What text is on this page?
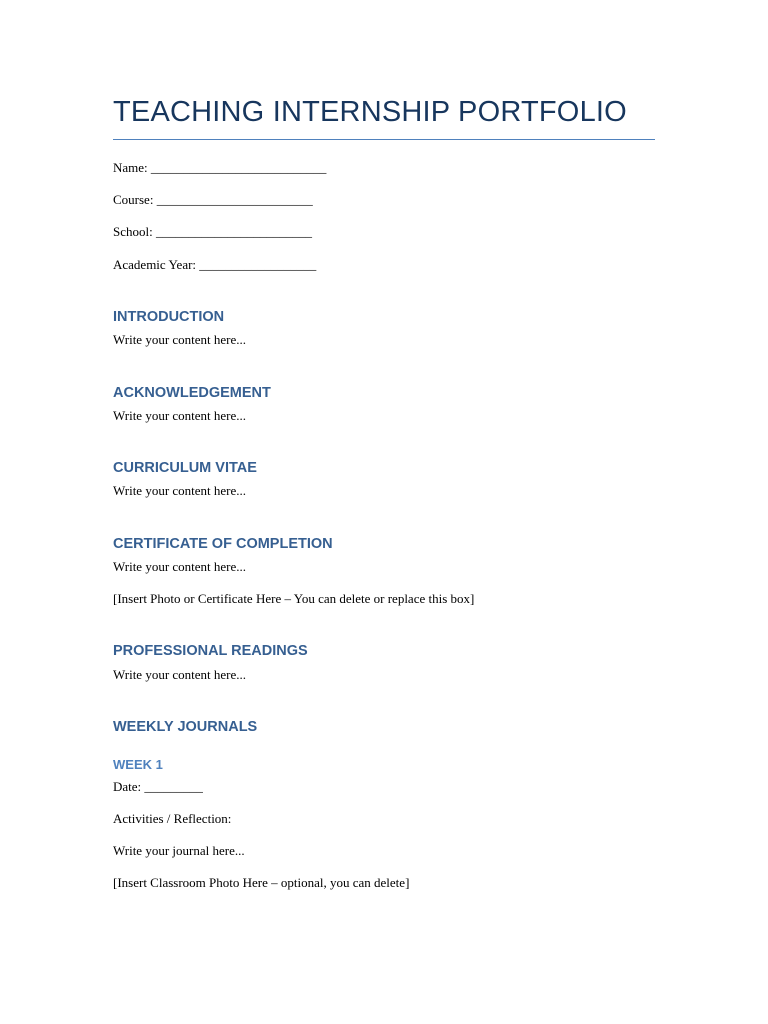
TEACHING INTERNSHIP PORTFOLIO
Name: ___________________________
Course: ________________________
School: ________________________
Academic Year: __________________
INTRODUCTION
Write your content here...
ACKNOWLEDGEMENT
Write your content here...
CURRICULUM VITAE
Write your content here...
CERTIFICATE OF COMPLETION
Write your content here...
[Insert Photo or Certificate Here – You can delete or replace this box]
PROFESSIONAL READINGS
Write your content here...
WEEKLY JOURNALS
WEEK 1
Date: _________
Activities / Reflection:
Write your journal here...
[Insert Classroom Photo Here – optional, you can delete]
